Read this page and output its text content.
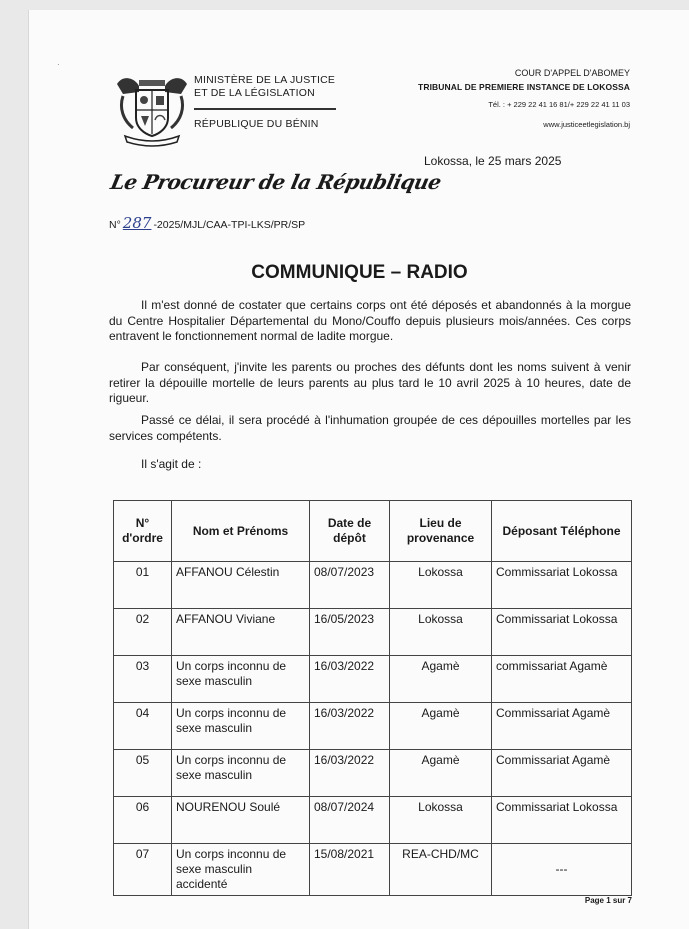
·
MINISTÈRE DE LA JUSTICE
ET DE LA LÉGISLATION
RÉPUBLIQUE DU BÉNIN
COUR D'APPEL D'ABOMEY
TRIBUNAL DE PREMIERE INSTANCE DE LOKOSSA
Tél. : + 229 22 41 16 81/+ 229 22 41 11 03
www.justiceetlegislation.bj
Lokossa, le 25 mars 2025
Le Procureur de la République
N° 287 -2025/MJL/CAA-TPI-LKS/PR/SP
COMMUNIQUE – RADIO
Il m'est donné de costater que certains corps ont été déposés et abandonnés à la morgue du Centre Hospitalier Départemental du Mono/Couffo depuis plusieurs mois/années. Ces corps entravent le fonctionnement normal de ladite morgue.
Par conséquent, j'invite les parents ou proches des défunts dont les noms suivent à venir retirer la dépouille mortelle de leurs parents au plus tard le 10 avril 2025 à 10 heures, date de rigueur.
Passé ce délai, il sera procédé à l'inhumation groupée de ces dépouilles mortelles par les services compétents.
Il s'agit de :
N° d'ordre	Nom et Prénoms	Date de dépôt	Lieu de provenance	Déposant Téléphone
01	AFFANOU Célestin	08/07/2023	Lokossa	Commissariat Lokossa
02	AFFANOU Viviane	16/05/2023	Lokossa	Commissariat Lokossa
03	Un corps inconnu de sexe masculin	16/03/2022	Agamè	commissariat Agamè
04	Un corps inconnu de sexe masculin	16/03/2022	Agamè	Commissariat Agamè
05	Un corps inconnu de sexe masculin	16/03/2022	Agamè	Commissariat Agamè
06	NOURENOU Soulé	08/07/2024	Lokossa	Commissariat Lokossa
07	Un corps inconnu de sexe masculin accidenté	15/08/2021	REA-CHD/MC	---
Page 1 sur 7
